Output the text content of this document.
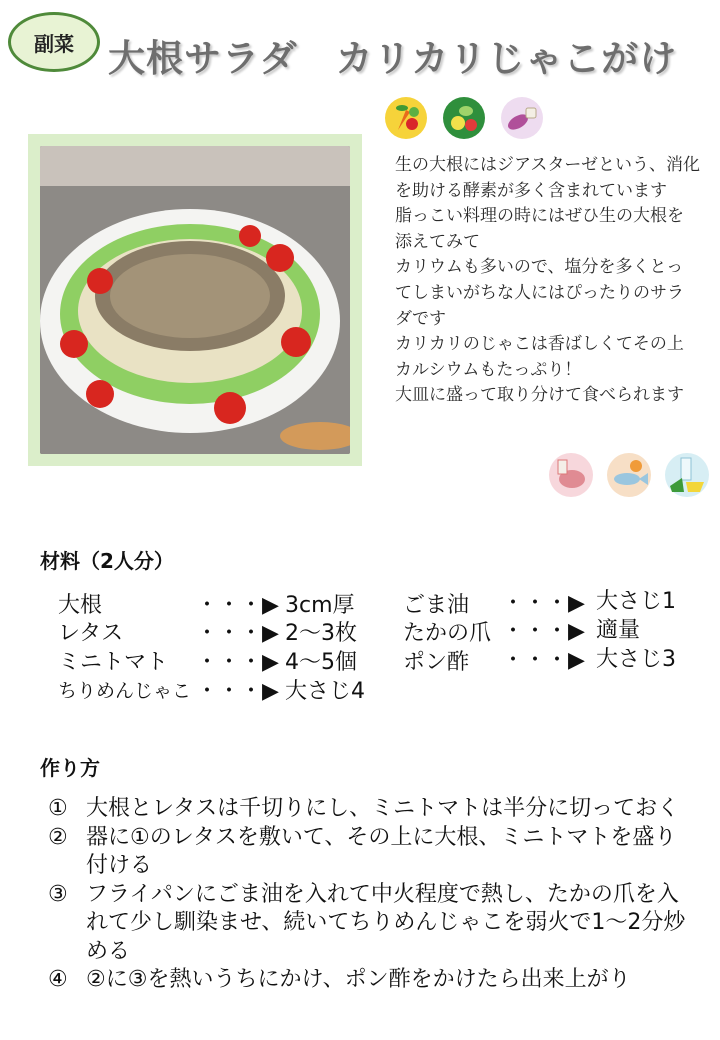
副菜 大根サラダ　カリカリじゃこがけ

生の大根にはジアスターゼという、消化を助ける酵素が多く含まれています

脂っこい料理の時にはぜひ生の大根を添えてみて

カリウムも多いので、塩分を多くとってしまいがちな人にはぴったりのサラダです

カリカリのじゃこは香ばしくてその上カルシウムもたっぷり！

大皿に盛って取り分けて食べられます

材料（2人分）
大根	・・・▶ 3cm厚
レタス	・・・▶ 2～3枚
ミニトマト ・・・▶ 4～5個
ちりめんじゃこ ・・・▶ 大さじ4
ごま油 ・・・▶ 大さじ1
たかの爪 ・・・▶ 適量
ポン酢 ・・・▶ 大さじ3
作り方
① 大根とレタスは千切りにし、ミニトマトは半分に切っておく
② 器に①のレタスを敷いて、その上に大根、ミニトマトを盛り付ける
③ フライパンにごま油を入れて中火程度で熱し、たかの爪を入れて少し馴染ませ、続いてちりめんじゃこを弱火で1～2分炒める
④ ②に③を熱いうちにかけ、ポン酢をかけたら出来上がり
